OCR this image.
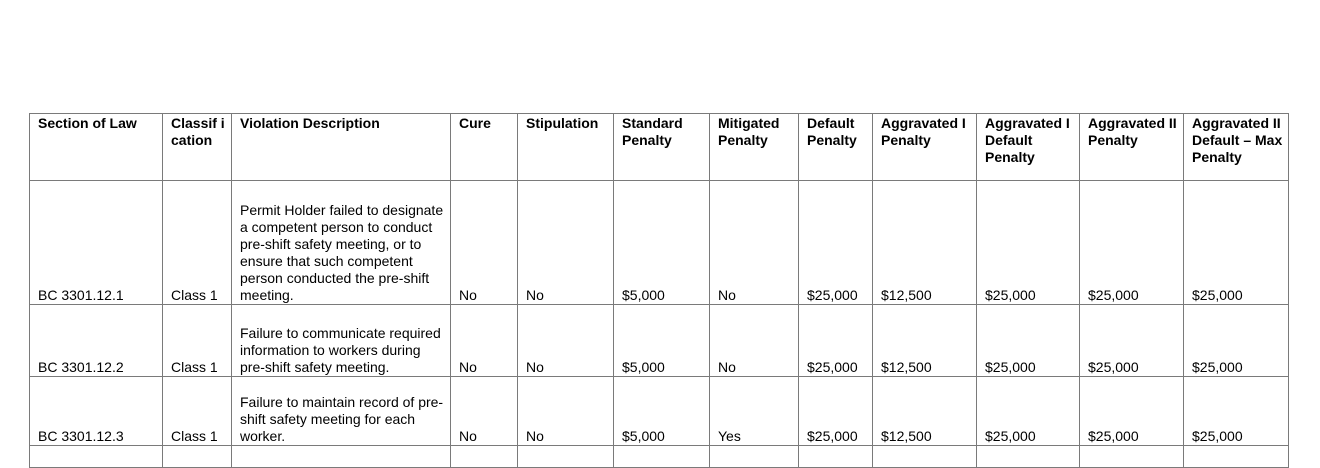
Section of Law	Classif ication	Violation Description	Cure	Stipulation	Standard Penalty	Mitigated Penalty	Default Penalty	Aggravated I Penalty	Aggravated I Default Penalty	Aggravated II Penalty	Aggravated II Default – Max Penalty
BC 3301.12.1	Class 1	Permit Holder failed to designate a competent person to conduct pre-shift safety meeting, or to ensure that such competent person conducted the pre-shift meeting.	No	No	$5,000	No	$25,000	$12,500	$25,000	$25,000	$25,000
BC 3301.12.2	Class 1	Failure to communicate required information to workers during pre-shift safety meeting.	No	No	$5,000	No	$25,000	$12,500	$25,000	$25,000	$25,000
BC 3301.12.3	Class 1	Failure to maintain record of pre-shift safety meeting for each worker.	No	No	$5,000	Yes	$25,000	$12,500	$25,000	$25,000	$25,000
